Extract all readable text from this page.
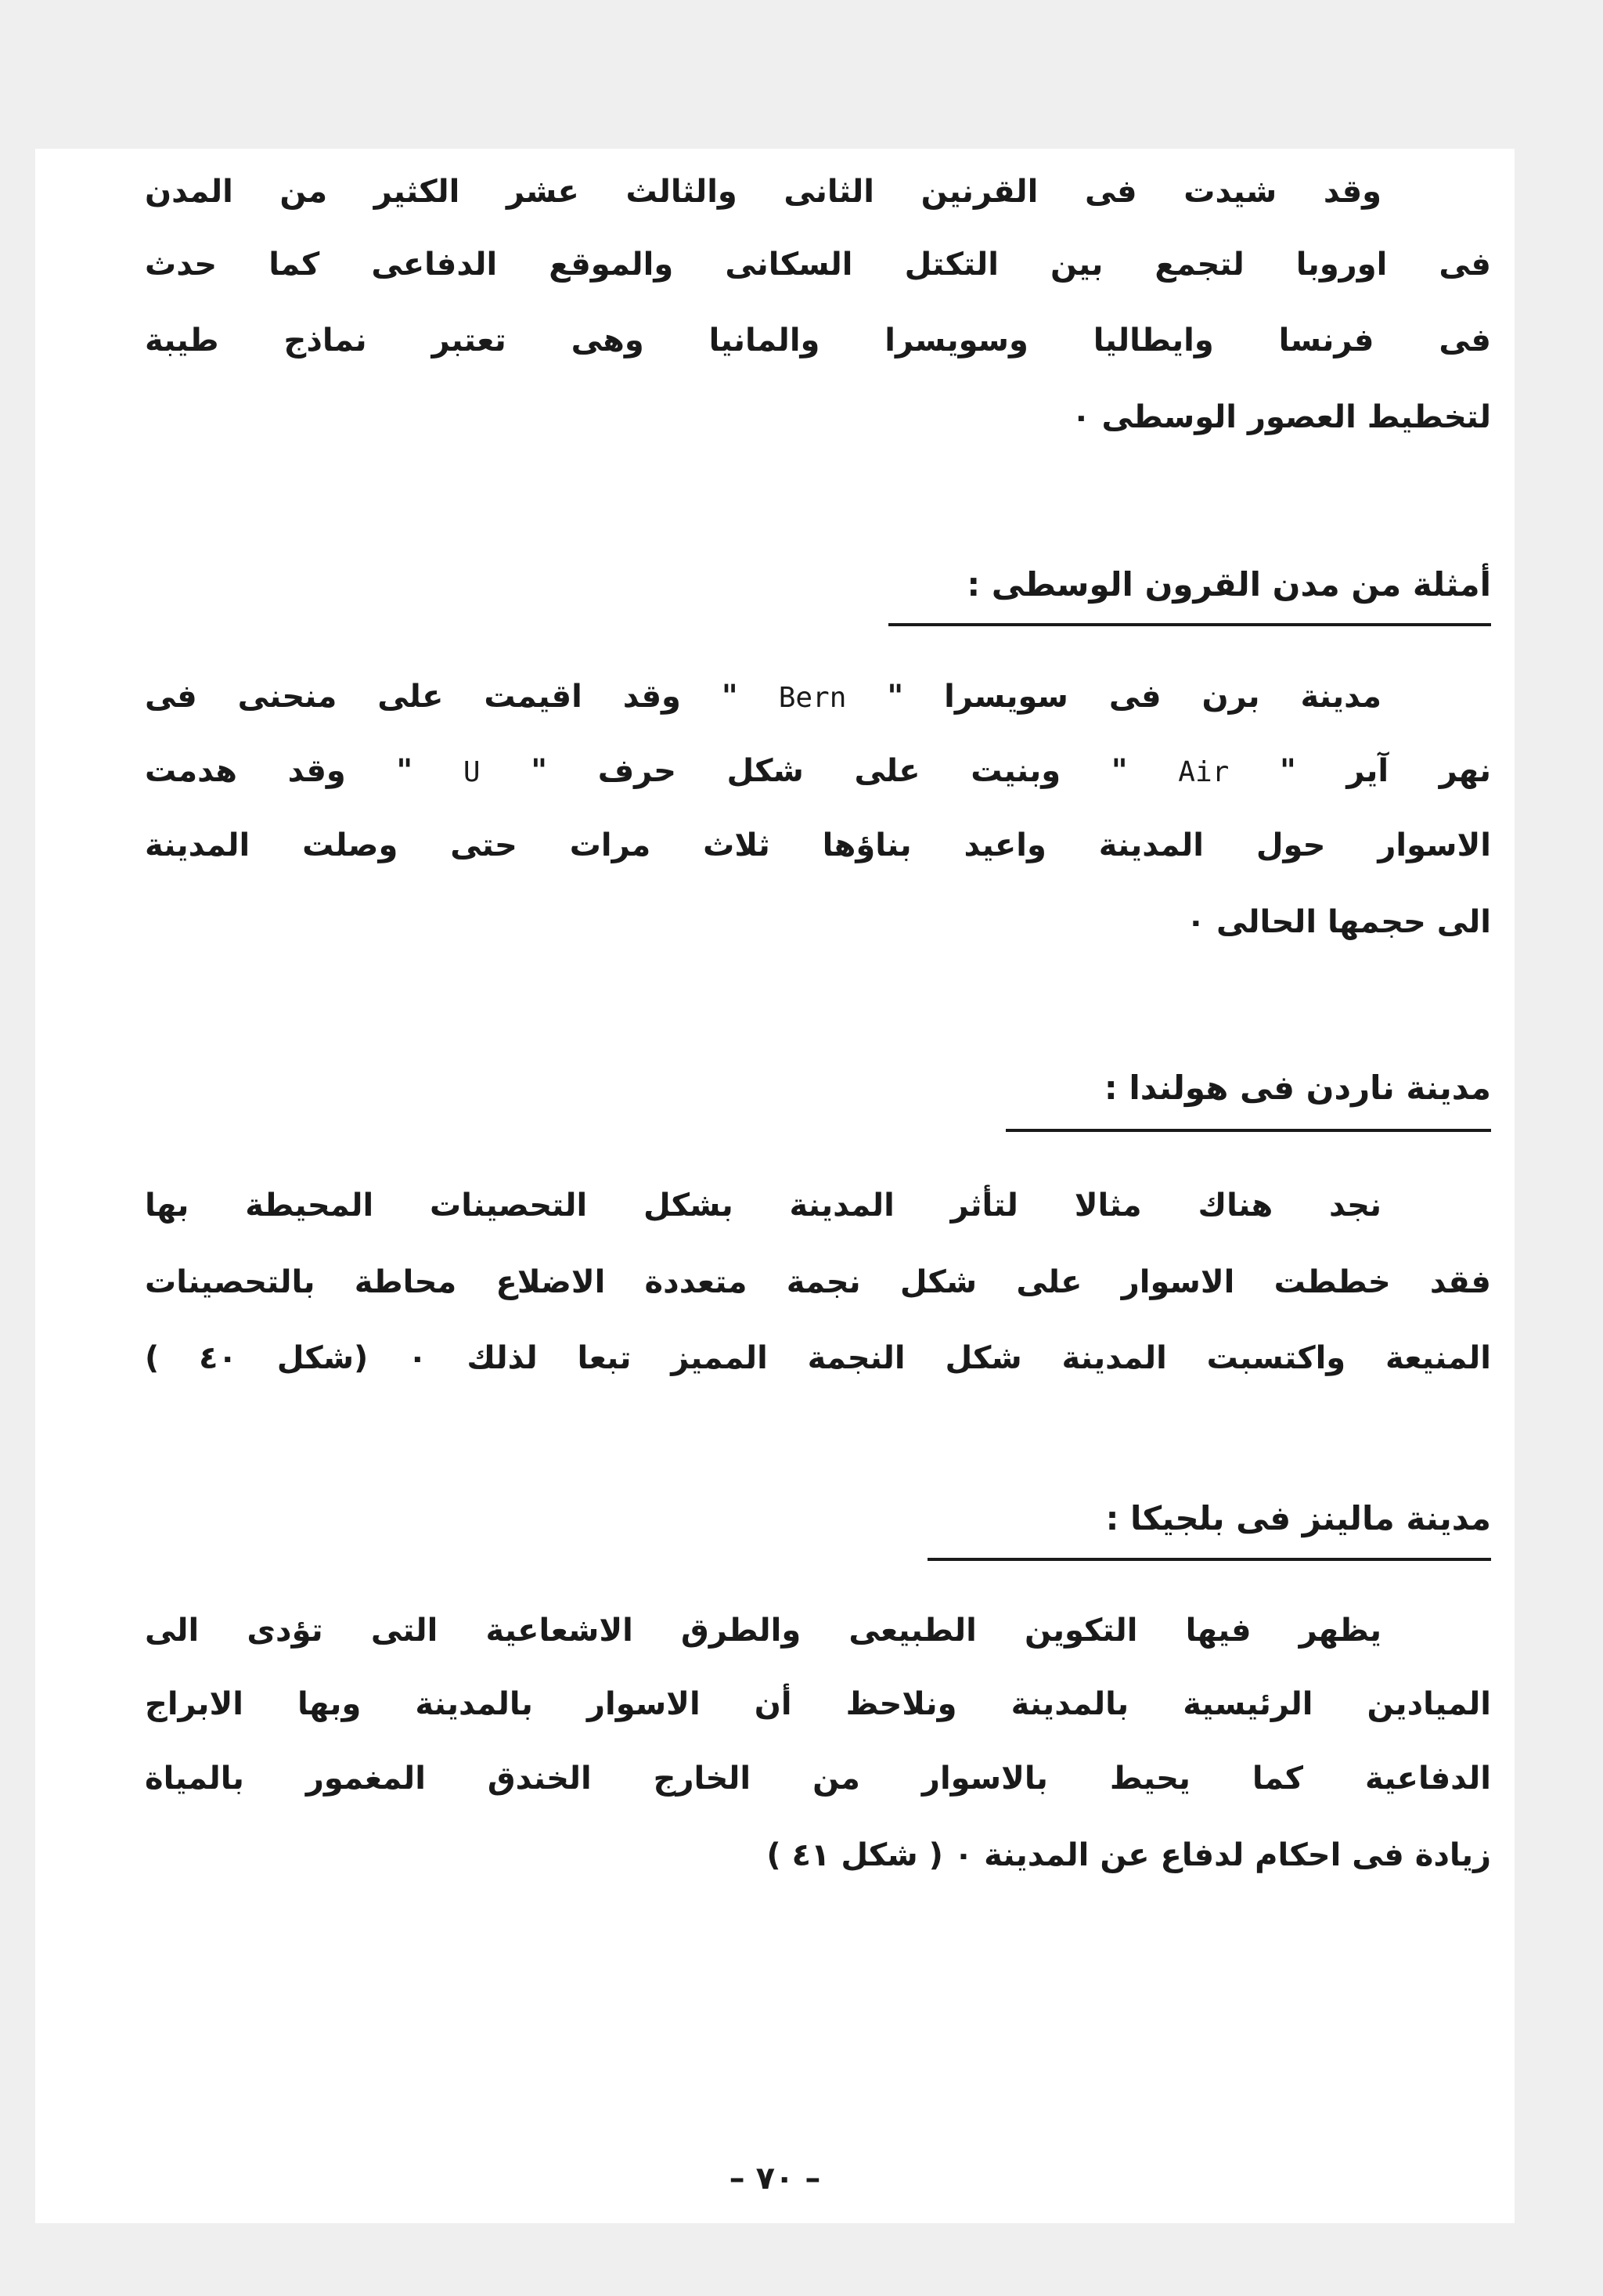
وقد شيدت فى القرنين الثانى والثالث عشر الكثير من المدن
فى اوروبا لتجمع بين التكتل السكانى والموقع الدفاعى كما حدث
فى فرنسا وايطاليا وسويسرا والمانيا وهى تعتبر نماذج طيبة
لتخطيط العصور الوسطى ٠
أمثلة من مدن القرون الوسطى :
مدينة برن فى سويسرا " Bern " وقد اقيمت على منحنى فى
نهر آير " Air " وبنيت على شكل حرف " U " وقد هدمت
الاسوار حول المدينة واعيد بناؤها ثلاث مرات حتى وصلت المدينة
الى حجمها الحالى ٠
مدينة ناردن فى هولندا :
نجد هناك مثالا لتأثر المدينة بشكل التحصينات المحيطة بها
فقد خططت الاسوار على شكل نجمة متعددة الاضلاع محاطة بالتحصينات
المنيعة واكتسبت المدينة شكل النجمة المميز تبعا لذلك ٠ (شكل ٤٠ )
مدينة مالينز فى بلجيكا :
يظهر فيها التكوين الطبيعى والطرق الاشعاعية التى تؤدى الى
الميادين الرئيسية بالمدينة ونلاحظ أن الاسوار بالمدينة وبها الابراج
الدفاعية كما يحيط بالاسوار من الخارج الخندق المغمور بالمياة
زيادة فى احكام لدفاع عن المدينة ٠ ( شكل ٤١ )
– ٧٠ –
